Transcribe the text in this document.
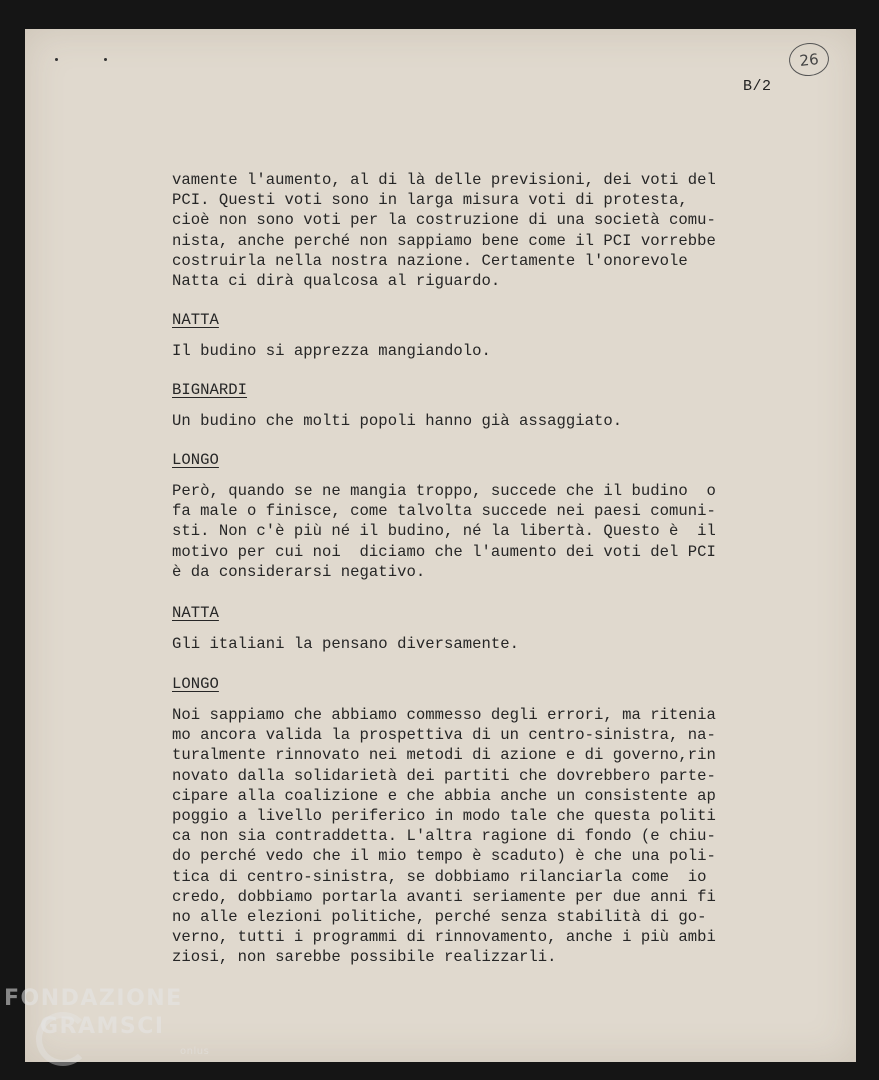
26
B/2
vamente l'aumento, al di là delle previsioni, dei voti del
PCI. Questi voti sono in larga misura voti di protesta,
cioè non sono voti per la costruzione di una società comu-
nista, anche perché non sappiamo bene come il PCI vorrebbe
costruirla nella nostra nazione. Certamente l'onorevole
Natta ci dirà qualcosa al riguardo.
NATTA
Il budino si apprezza mangiandolo.
BIGNARDI
Un budino che molti popoli hanno già assaggiato.
LONGO
Però, quando se ne mangia troppo, succede che il budino  o
fa male o finisce, come talvolta succede nei paesi comuni-
sti. Non c'è più né il budino, né la libertà. Questo è  il
motivo per cui noi  diciamo che l'aumento dei voti del PCI
è da considerarsi negativo.
NATTA
Gli italiani la pensano diversamente.
LONGO
Noi sappiamo che abbiamo commesso degli errori, ma ritenia
mo ancora valida la prospettiva di un centro-sinistra, na-
turalmente rinnovato nei metodi di azione e di governo,rin
novato dalla solidarietà dei partiti che dovrebbero parte-
cipare alla coalizione e che abbia anche un consistente ap
poggio a livello periferico in modo tale che questa politi
ca non sia contraddetta. L'altra ragione di fondo (e chiu-
do perché vedo che il mio tempo è scaduto) è che una poli-
tica di centro-sinistra, se dobbiamo rilanciarla come  io
credo, dobbiamo portarla avanti seriamente per due anni fi
no alle elezioni politiche, perché senza stabilità di go-
verno, tutti i programmi di rinnovamento, anche i più ambi
ziosi, non sarebbe possibile realizzarli.
FONDAZIONE
GRAMSCI
onlus
